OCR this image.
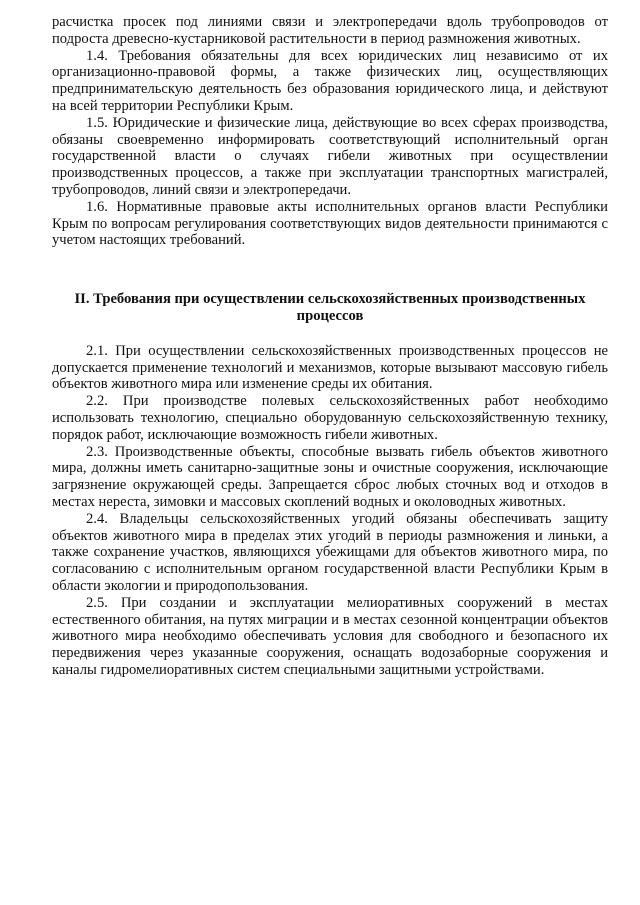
расчистка просек под линиями связи и электропередачи вдоль трубопроводов от подроста древесно-кустарниковой растительности в период размножения животных.

1.4. Требования обязательны для всех юридических лиц независимо от их организационно-правовой формы, а также физических лиц, осуществляющих предпринимательскую деятельность без образования юридического лица, и действуют на всей территории Республики Крым.

1.5. Юридические и физические лица, действующие во всех сферах производства, обязаны своевременно информировать соответствующий исполнительный орган государственной власти о случаях гибели животных при осуществлении производственных процессов, а также при эксплуатации транспортных магистралей, трубопроводов, линий связи и электропередачи.

1.6. Нормативные правовые акты исполнительных органов власти Республики Крым по вопросам регулирования соответствующих видов деятельности принимаются с учетом настоящих требований.

II. Требования при осуществлении сельскохозяйственных производственных процессов

2.1. При осуществлении сельскохозяйственных производственных процессов не допускается применение технологий и механизмов, которые вызывают массовую гибель объектов животного мира или изменение среды их обитания.

2.2. При производстве полевых сельскохозяйственных работ необходимо использовать технологию, специально оборудованную сельскохозяйственную технику, порядок работ, исключающие возможность гибели животных.

2.3. Производственные объекты, способные вызвать гибель объектов животного мира, должны иметь санитарно-защитные зоны и очистные сооружения, исключающие загрязнение окружающей среды. Запрещается сброс любых сточных вод и отходов в местах нереста, зимовки и массовых скоплений водных и околоводных животных.

2.4. Владельцы сельскохозяйственных угодий обязаны обеспечивать защиту объектов животного мира в пределах этих угодий в периоды размножения и линьки, а также сохранение участков, являющихся убежищами для объектов животного мира, по согласованию с исполнительным органом государственной власти Республики Крым в области экологии и природопользования.

2.5. При создании и эксплуатации мелиоративных сооружений в местах естественного обитания, на путях миграции и в местах сезонной концентрации объектов животного мира необходимо обеспечивать условия для свободного и безопасного их передвижения через указанные сооружения, оснащать водозаборные сооружения и каналы гидромелиоративных систем специальными защитными устройствами.
